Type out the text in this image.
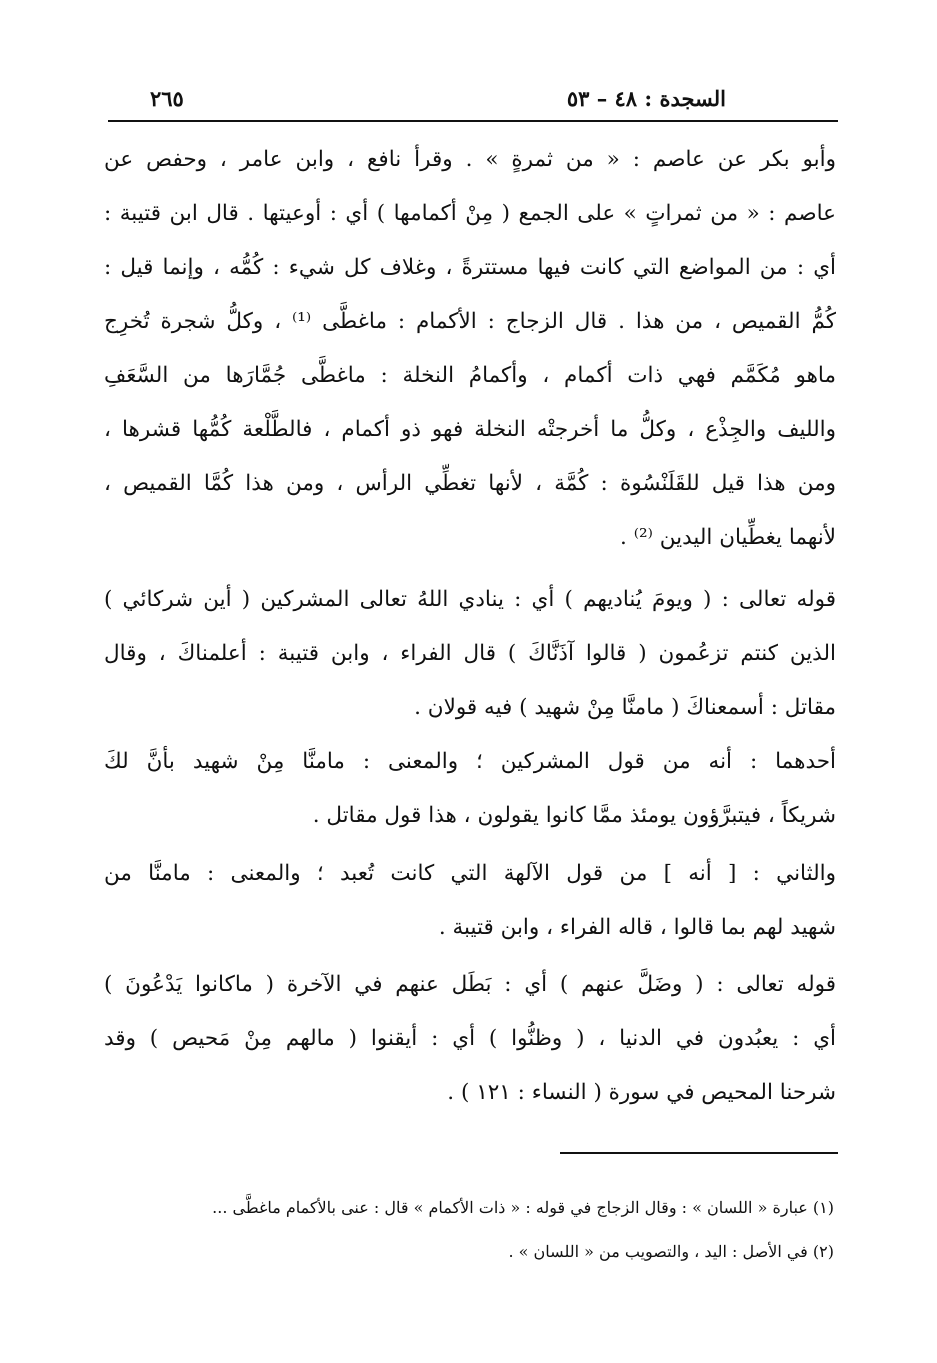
السجدة : ٤٨ – ٥٣
٢٦٥
وأبو بكر عن عاصم : « من ثمرةٍ » . وقرأ نافع ، وابن عامر ، وحفص عن
عاصم : « من ثمراتٍ » على الجمع ( مِنْ أكمامها ) أي : أوعيتها . قال ابن قتيبة :
أي : من المواضع التي كانت فيها مستترةً ، وغلاف كل شيء : كُمُّه ، وإنما قيل :
كُمُّ القميص ، من هذا . قال الزجاج : الأكمام : ماغطَّى ⁽¹⁾ ، وكلُّ شجرة تُخرِج
ماهو مُكَمَّم فهي ذات أكمام ، وأكمامُ النخلة : ماغطَّى جُمَّارَها من السَّعَفِ
والليف والجِذْع ، وكلُّ ما أخرجتْه النخلة فهو ذو أكمام ، فالطَّلْعة كُمُّها قشرها ،
ومن هذا قيل للقَلَنْسُوة : كُمَّة ، لأنها تغطِّي الرأس ، ومن هذا كُمَّا القميص ،
لأنهما يغطِّيان اليدين ⁽²⁾ .
قوله تعالى : ( ويومَ يُناديهم ) أي : ينادي اللهُ تعالى المشركين ( أين شركائي )
الذين كنتم تزعُمون ( قالوا آذَنَّاكَ ) قال الفراء ، وابن قتيبة : أعلمناكَ ، وقال
مقاتل : أسمعناكَ ( مامنَّا مِنْ شهيد ) فيه قولان .
أحدهما : أنه من قول المشركين ؛ والمعنى : مامنَّا مِنْ شهيد بأنَّ لكَ
شريكاً ، فيتبرَّؤون يومئذ ممَّا كانوا يقولون ، هذا قول مقاتل .
والثاني : [ أنه ] من قول الآلهة التي كانت تُعبد ؛ والمعنى : مامنَّا من
شهيد لهم بما قالوا ، قاله الفراء ، وابن قتيبة .
قوله تعالى : ( وضَلَّ عنهم ) أي : بَطَل عنهم في الآخرة ( ماكانوا يَدْعُونَ )
أي : يعبُدون في الدنيا ، ( وظنُّوا ) أي : أيقنوا ( مالهم مِنْ مَحيص ) وقد
شرحنا المحيص في سورة ( النساء : ١٢١ ) .
(١) عبارة « اللسان » : وقال الزجاج في قوله : « ذات الأكمام » قال : عنى بالأكمام ماغطَّى ...
(٢) في الأصل : اليد ، والتصويب من « اللسان » .
